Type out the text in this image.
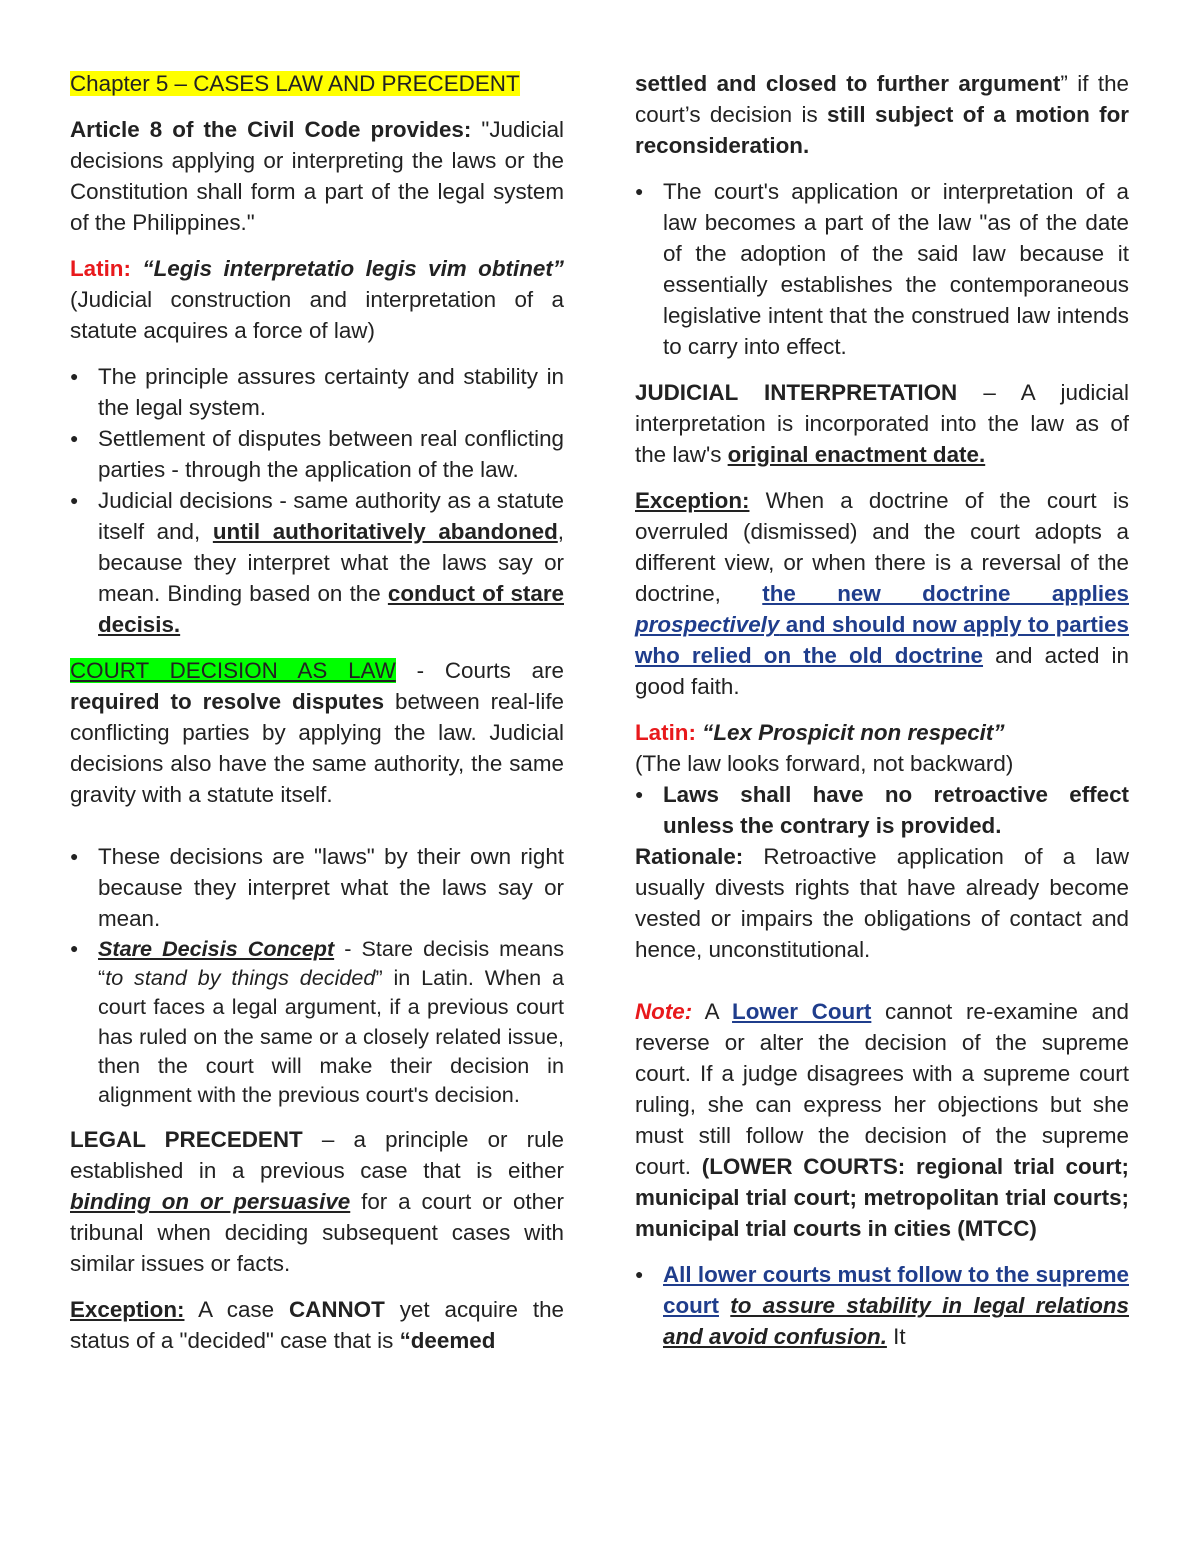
Chapter 5 – CASES LAW AND PRECEDENT

Article 8 of the Civil Code provides: "Judicial decisions applying or interpreting the laws or the Constitution shall form a part of the legal system of the Philippines."

Latin: “Legis interpretatio legis vim obtinet” (Judicial construction and interpretation of a statute acquires a force of law)

● The principle assures certainty and stability in the legal system.
● Settlement of disputes between real conflicting parties - through the application of the law.
● Judicial decisions - same authority as a statute itself and, until authoritatively abandoned, because they interpret what the laws say or mean. Binding based on the conduct of stare decisis.

COURT DECISION AS LAW - Courts are required to resolve disputes between real-life conflicting parties by applying the law. Judicial decisions also have the same authority, the same gravity with a statute itself.

● These decisions are "laws" by their own right because they interpret what the laws say or mean.
● Stare Decisis Concept - Stare decisis means “to stand by things decided” in Latin. When a court faces a legal argument, if a previous court has ruled on the same or a closely related issue, then the court will make their decision in alignment with the previous court's decision.

LEGAL PRECEDENT – a principle or rule established in a previous case that is either binding on or persuasive for a court or other tribunal when deciding subsequent cases with similar issues or facts.

Exception: A case CANNOT yet acquire the status of a "decided" case that is “deemed

settled and closed to further argument” if the court’s decision is still subject of a motion for reconsideration.

● The court's application or interpretation of a law becomes a part of the law "as of the date of the adoption of the said law because it essentially establishes the contemporaneous legislative intent that the construed law intends to carry into effect.

JUDICIAL INTERPRETATION – A judicial interpretation is incorporated into the law as of the law's original enactment date.

Exception: When a doctrine of the court is overruled (dismissed) and the court adopts a different view, or when there is a reversal of the doctrine, the new doctrine applies prospectively and should now apply to parties who relied on the old doctrine and acted in good faith.

Latin: “Lex Prospicit non respecit”

(The law looks forward, not backward)

● Laws shall have no retroactive effect unless the contrary is provided.

Rationale: Retroactive application of a law usually divests rights that have already become vested or impairs the obligations of contact and hence, unconstitutional.

Note: A Lower Court cannot re-examine and reverse or alter the decision of the supreme court. If a judge disagrees with a supreme court ruling, she can express her objections but she must still follow the decision of the supreme court. (LOWER COURTS: regional trial court; municipal trial court; metropolitan trial courts; municipal trial courts in cities (MTCC)

● All lower courts must follow to the supreme court to assure stability in legal relations and avoid confusion. It
